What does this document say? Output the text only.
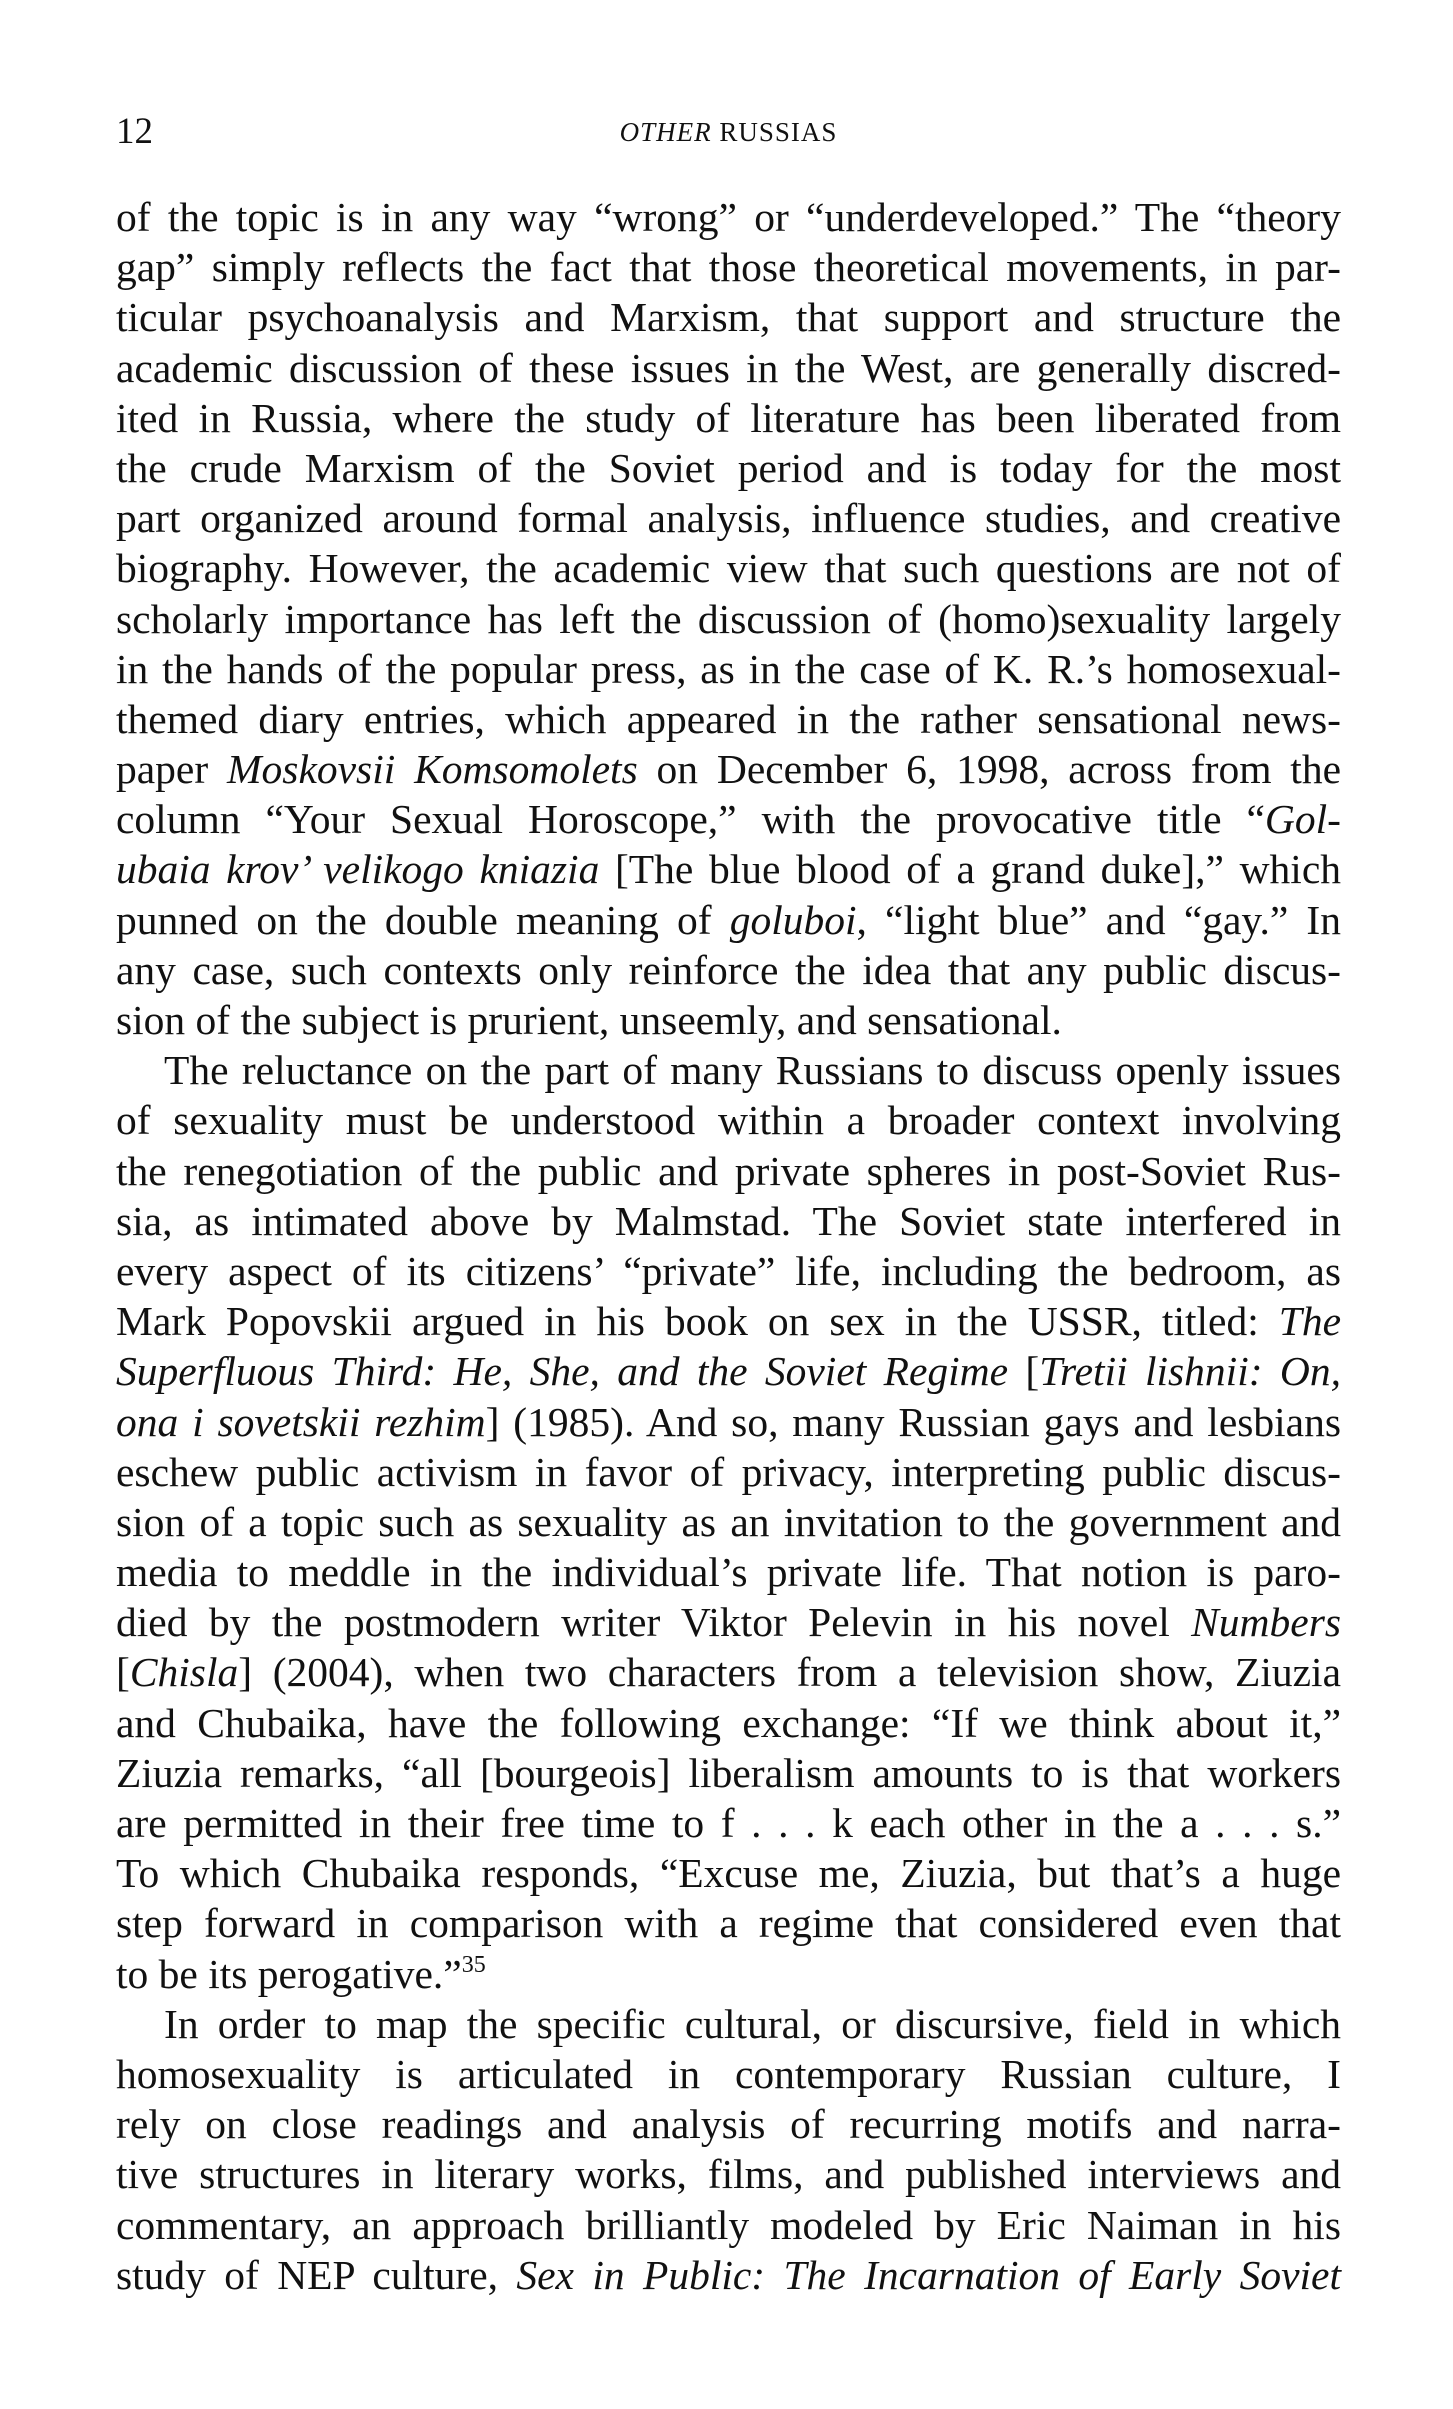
12	OTHER RUSSIAS
of the topic is in any way “wrong” or “underdeveloped.” The “theory
gap” simply reflects the fact that those theoretical movements, in par-
ticular psychoanalysis and Marxism, that support and structure the
academic discussion of these issues in the West, are generally discred-
ited in Russia, where the study of literature has been liberated from
the crude Marxism of the Soviet period and is today for the most
part organized around formal analysis, influence studies, and creative
biography. However, the academic view that such questions are not of
scholarly importance has left the discussion of (homo)sexuality largely
in the hands of the popular press, as in the case of K. R.’s homosexual-
themed diary entries, which appeared in the rather sensational news-
paper Moskovsii Komsomolets on December 6, 1998, across from the
column “Your Sexual Horoscope,” with the provocative title “Gol-
ubaia krov’ velikogo kniazia [The blue blood of a grand duke],” which
punned on the double meaning of goluboi, “light blue” and “gay.” In
any case, such contexts only reinforce the idea that any public discus-
sion of the subject is prurient, unseemly, and sensational.
The reluctance on the part of many Russians to discuss openly issues
of sexuality must be understood within a broader context involving
the renegotiation of the public and private spheres in post-Soviet Rus-
sia, as intimated above by Malmstad. The Soviet state interfered in
every aspect of its citizens’ “private” life, including the bedroom, as
Mark Popovskii argued in his book on sex in the USSR, titled: The
Superfluous Third: He, She, and the Soviet Regime [Tretii lishnii: On,
ona i sovetskii rezhim] (1985). And so, many Russian gays and lesbians
eschew public activism in favor of privacy, interpreting public discus-
sion of a topic such as sexuality as an invitation to the government and
media to meddle in the individual’s private life. That notion is paro-
died by the postmodern writer Viktor Pelevin in his novel Numbers
[Chisla] (2004), when two characters from a television show, Ziuzia
and Chubaika, have the following exchange: “If we think about it,”
Ziuzia remarks, “all [bourgeois] liberalism amounts to is that workers
are permitted in their free time to f . . . k each other in the a . . . s.”
To which Chubaika responds, “Excuse me, Ziuzia, but that’s a huge
step forward in comparison with a regime that considered even that
to be its perogative.”$^{35}$
In order to map the specific cultural, or discursive, field in which
homosexuality is articulated in contemporary Russian culture, I
rely on close readings and analysis of recurring motifs and narra-
tive structures in literary works, films, and published interviews and
commentary, an approach brilliantly modeled by Eric Naiman in his
study of NEP culture, Sex in Public: The Incarnation of Early Soviet
